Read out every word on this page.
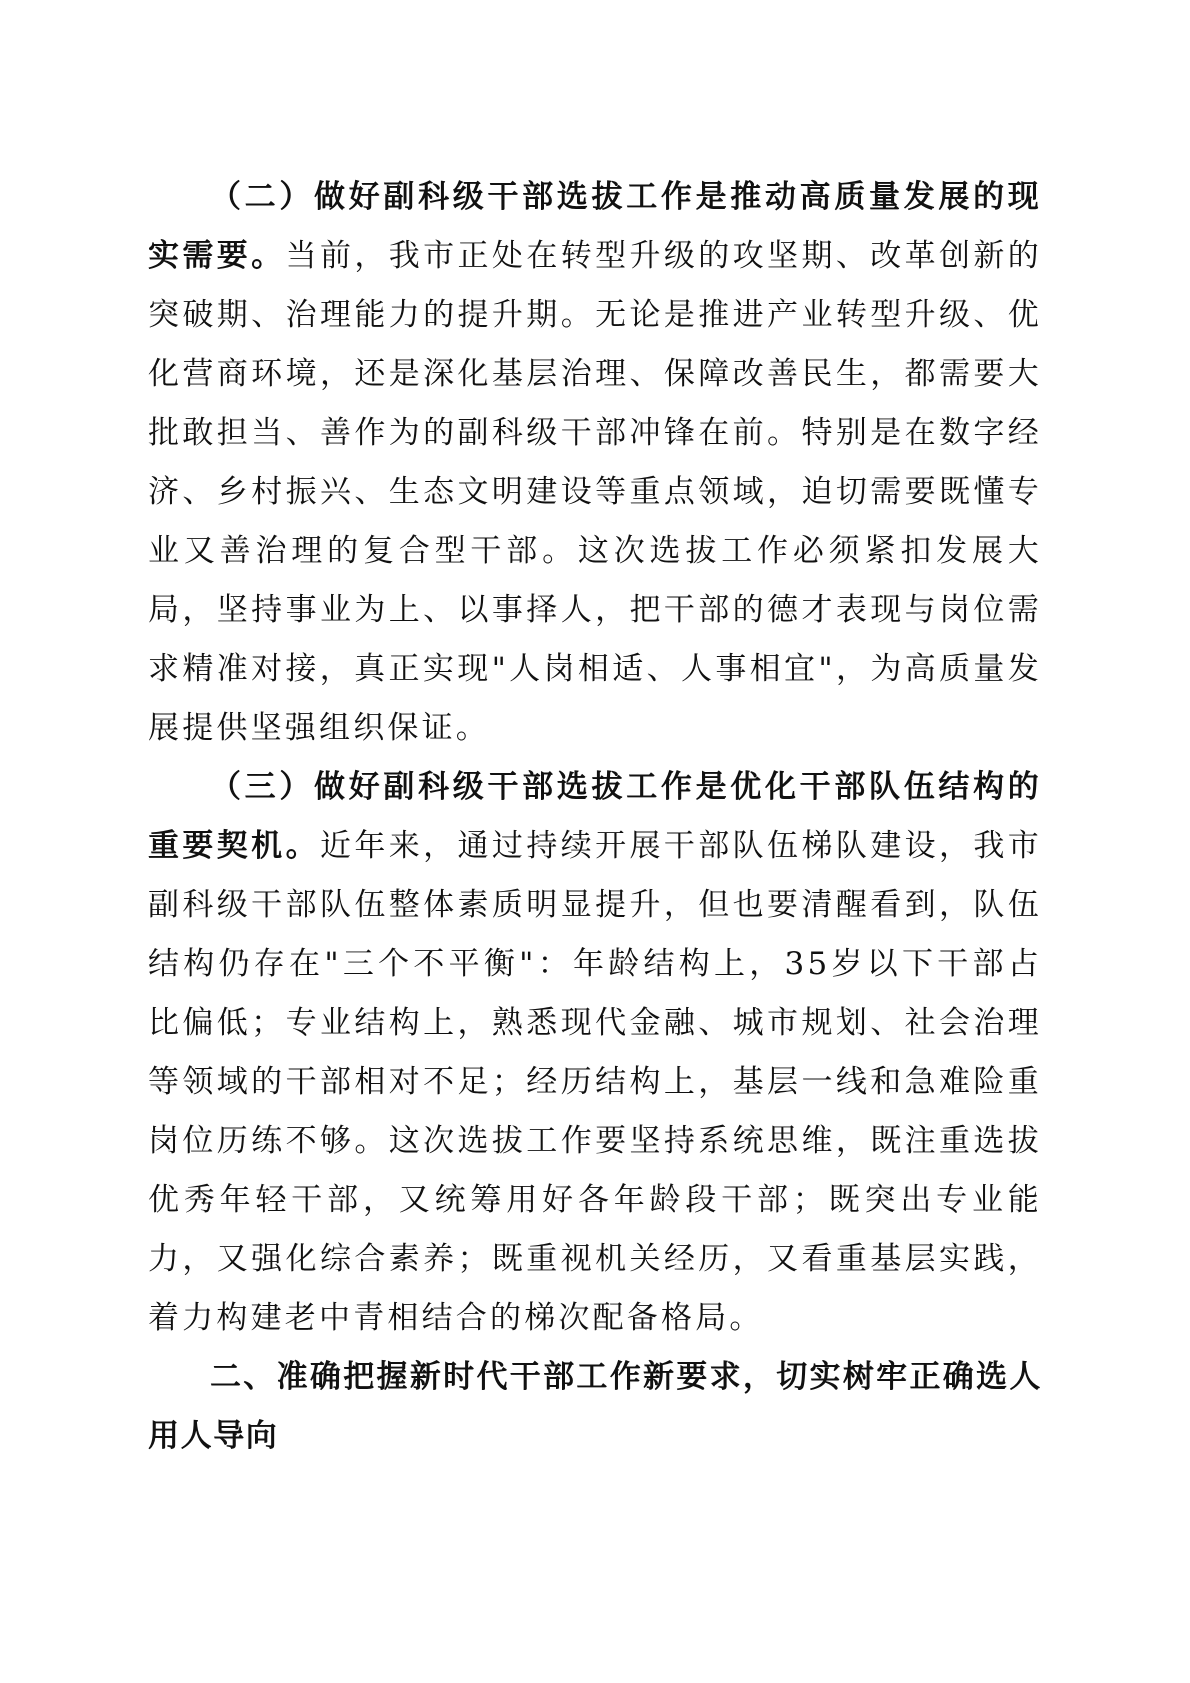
（二）做好副科级干部选拔工作是推动高质量发展的现实需要。当前，我市正处在转型升级的攻坚期、改革创新的突破期、治理能力的提升期。无论是推进产业转型升级、优化营商环境，还是深化基层治理、保障改善民生，都需要大批敢担当、善作为的副科级干部冲锋在前。特别是在数字经济、乡村振兴、生态文明建设等重点领域，迫切需要既懂专业又善治理的复合型干部。这次选拔工作必须紧扣发展大局，坚持事业为上、以事择人，把干部的德才表现与岗位需求精准对接，真正实现"人岗相适、人事相宜"，为高质量发展提供坚强组织保证。

（三）做好副科级干部选拔工作是优化干部队伍结构的重要契机。近年来，通过持续开展干部队伍梯队建设，我市副科级干部队伍整体素质明显提升，但也要清醒看到，队伍结构仍存在"三个不平衡"：年龄结构上，35岁以下干部占比偏低；专业结构上，熟悉现代金融、城市规划、社会治理等领域的干部相对不足；经历结构上，基层一线和急难险重岗位历练不够。这次选拔工作要坚持系统思维，既注重选拔优秀年轻干部，又统筹用好各年龄段干部；既突出专业能力，又强化综合素养；既重视机关经历，又看重基层实践，着力构建老中青相结合的梯次配备格局。

二、准确把握新时代干部工作新要求，切实树牢正确选人用人导向
